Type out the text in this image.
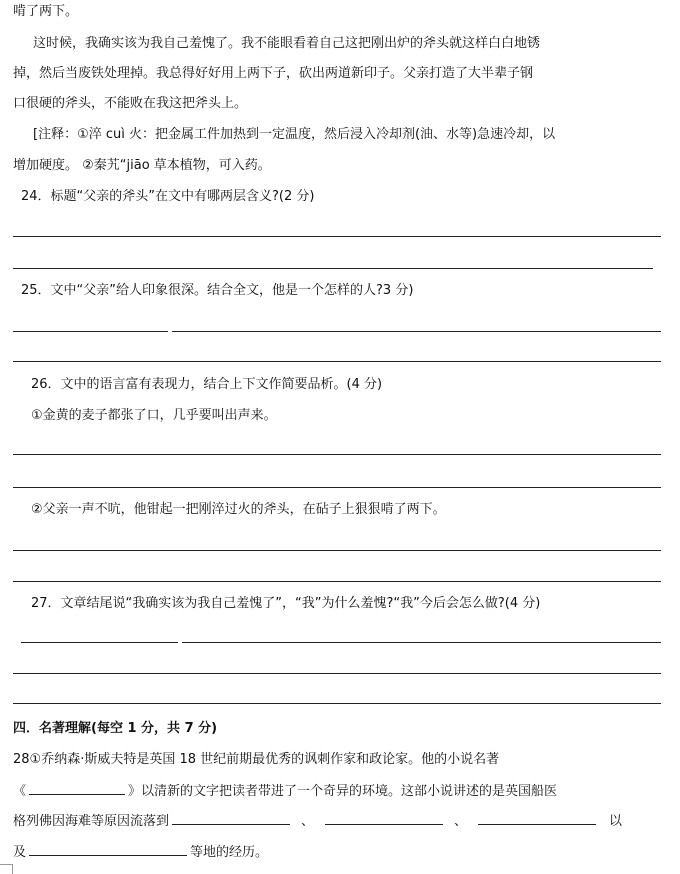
啃了两下。
这时候，我确实该为我自己羞愧了。我不能眼看着自己这把刚出炉的斧头就这样白白地锈
掉，然后当废铁处理掉。我总得好好用上两下子，砍出两道新印子。父亲打造了大半辈子钢
口很硬的斧头，不能败在我这把斧头上。
[注释：①淬 cuì 火：把金属工件加热到一定温度，然后浸入冷却剂(油、水等)急速冷却，以
增加硬度。 ②秦艽“jiāo 草本植物，可入药。
24．标题“父亲的斧头”在文中有哪两层含义?(2 分)
25．文中“父亲”给人印象很深。结合全文，他是一个怎样的人?3 分)
26．文中的语言富有表现力，结合上下文作简要品析。(4 分)
①金黄的麦子都张了口，几乎要叫出声来。
②父亲一声不吭，他钳起一把刚淬过火的斧头，在砧子上狠狠啃了两下。
27．文章结尾说“我确实该为我自己羞愧了”，“我”为什么羞愧?“我”今后会怎么做?(4 分)
四．名著理解(每空 1 分，共 7 分)
28①乔纳森·斯威夫特是英国 18 世纪前期最优秀的讽刺作家和政论家。他的小说名著
《	》以清新的文字把读者带进了一个奇异的环境。这部小说讲述的是英国船医
格列佛因海难等原因流落到	、	、	以
及	等地的经历。
